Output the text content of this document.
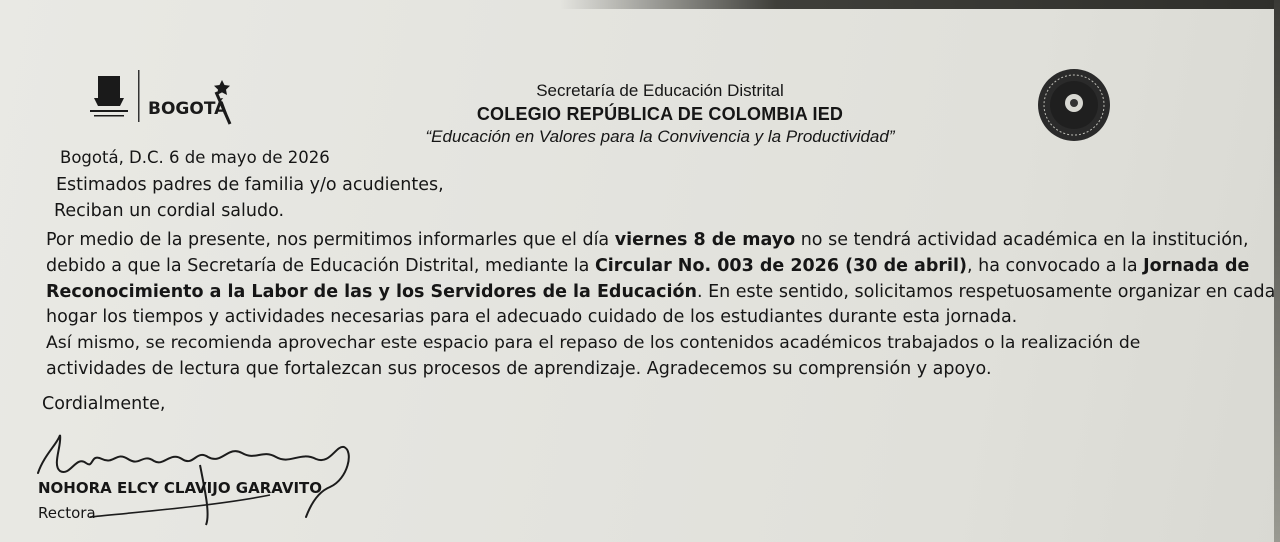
BOGOTÁ
Secretaría de Educación Distrital
COLEGIO REPÚBLICA DE COLOMBIA IED
“Educación en Valores para la Convivencia y la Productividad”
Bogotá, D.C. 6 de mayo de 2026
Estimados padres de familia y/o acudientes,
Reciban un cordial saludo.
Por medio de la presente, nos permitimos informarles que el día viernes 8 de mayo no se tendrá actividad académica en la institución,
debido a que la Secretaría de Educación Distrital, mediante la Circular No. 003 de 2026 (30 de abril), ha convocado a la Jornada de
Reconocimiento a la Labor de las y los Servidores de la Educación. En este sentido, solicitamos respetuosamente organizar en cada
hogar los tiempos y actividades necesarias para el adecuado cuidado de los estudiantes durante esta jornada.
Así mismo, se recomienda aprovechar este espacio para el repaso de los contenidos académicos trabajados o la realización de
actividades de lectura que fortalezcan sus procesos de aprendizaje. Agradecemos su comprensión y apoyo.
Cordialmente,
NOHORA ELCY CLAVIJO GARAVITO
Rectora
